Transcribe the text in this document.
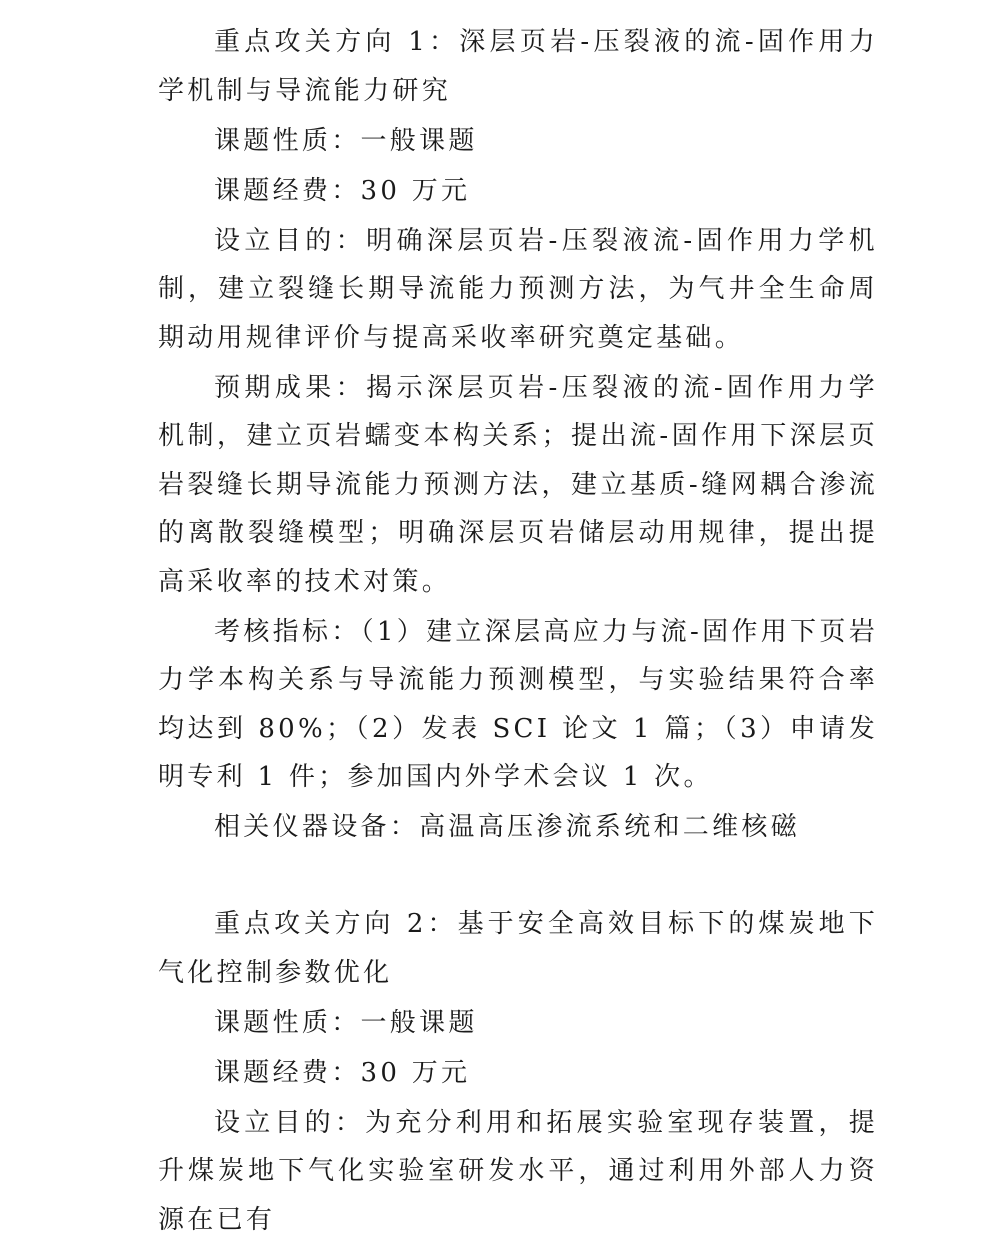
重点攻关方向 1：深层页岩-压裂液的流-固作用力学机制与导流能力研究

课题性质：一般课题

课题经费：30 万元

设立目的：明确深层页岩-压裂液流-固作用力学机制，建立裂缝长期导流能力预测方法，为气井全生命周期动用规律评价与提高采收率研究奠定基础。

预期成果：揭示深层页岩-压裂液的流-固作用力学机制，建立页岩蠕变本构关系；提出流-固作用下深层页岩裂缝长期导流能力预测方法，建立基质-缝网耦合渗流的离散裂缝模型；明确深层页岩储层动用规律，提出提高采收率的技术对策。

考核指标：（1）建立深层高应力与流-固作用下页岩力学本构关系与导流能力预测模型，与实验结果符合率均达到 80%；（2）发表 SCI 论文 1 篇；（3）申请发明专利 1 件；参加国内外学术会议 1 次。

相关仪器设备：高温高压渗流系统和二维核磁

重点攻关方向 2：基于安全高效目标下的煤炭地下气化控制参数优化

课题性质：一般课题

课题经费：30 万元

设立目的：为充分利用和拓展实验室现存装置，提升煤炭地下气化实验室研发水平，通过利用外部人力资源在已有
